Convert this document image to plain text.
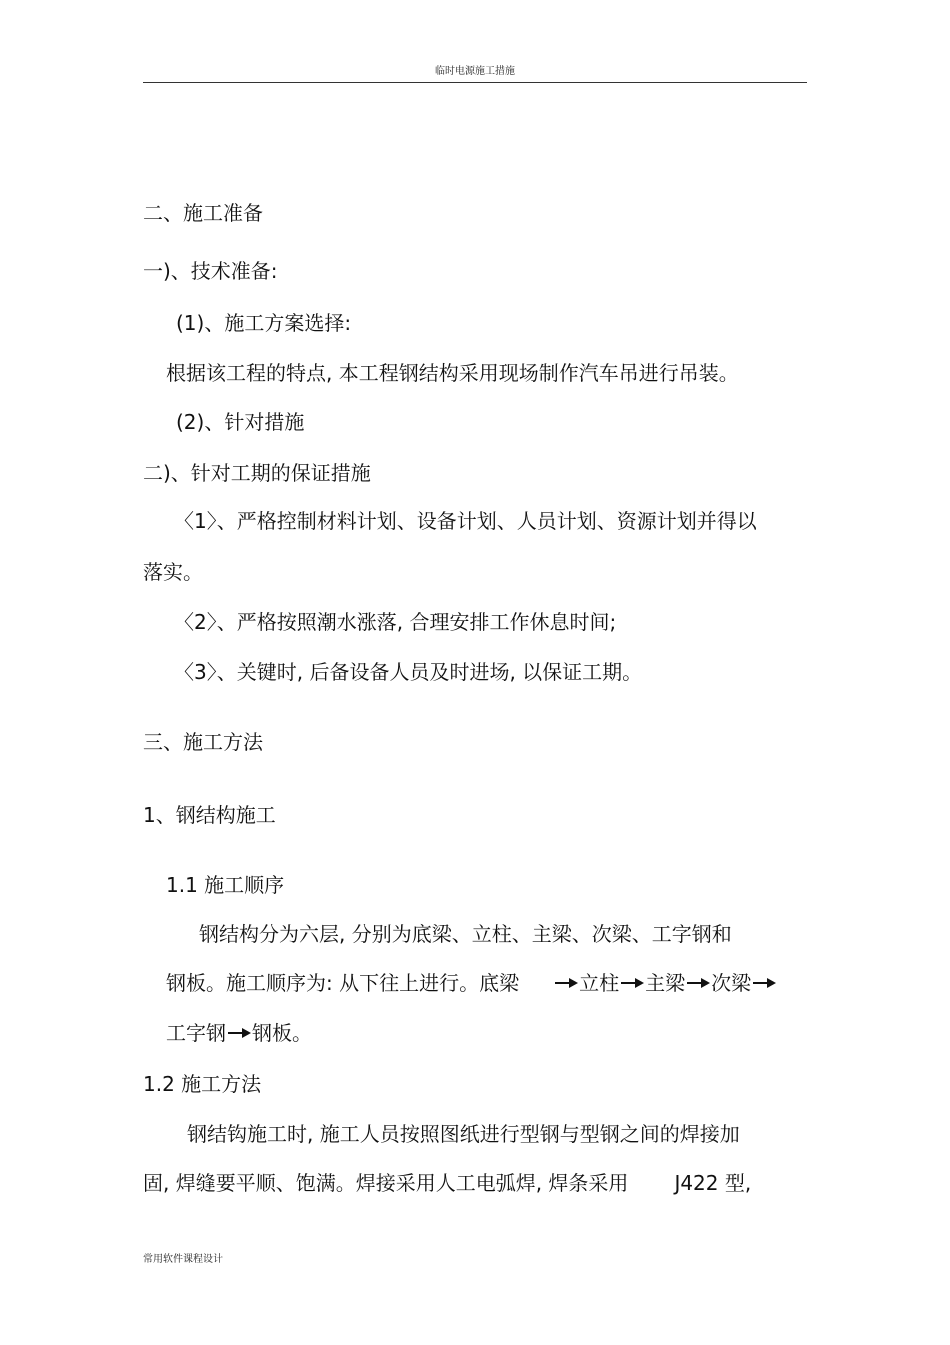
临时电源施工措施
二、施工准备
一)、技术准备:
(1)、施工方案选择:
根据该工程的特点, 本工程钢结构采用现场制作汽车吊进行吊装。
(2)、针对措施
二)、针对工期的保证措施
〈1〉、严格控制材料计划、设备计划、人员计划、资源计划并得以
落实。
〈2〉、严格按照潮水涨落, 合理安排工作休息时间;
〈3〉、关键时, 后备设备人员及时进场, 以保证工期。
三、施工方法
1、钢结构施工
1.1 施工顺序
钢结构分为六层, 分别为底梁、立柱、主梁、次梁、工字钢和
钢板。施工顺序为: 从下往上进行。底梁	立柱 主梁 次梁
工字钢 钢板。
1.2 施工方法
钢结钩施工时, 施工人员按照图纸进行型钢与型钢之间的焊接加
固, 焊缝要平顺、饱满。焊接采用人工电弧焊, 焊条采用 J422 型,
常用软件课程设计
